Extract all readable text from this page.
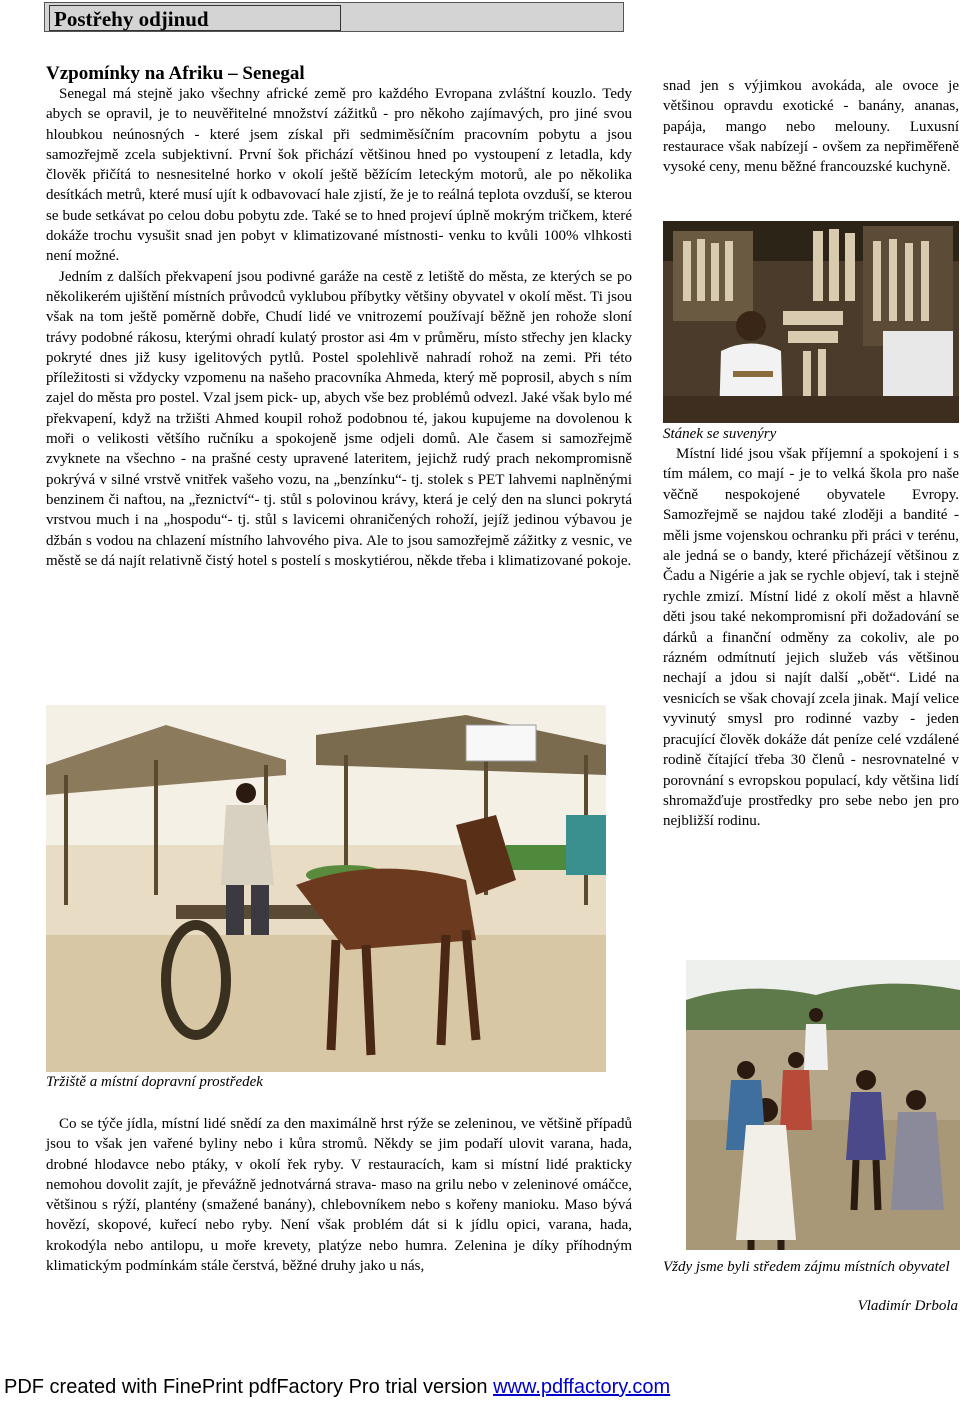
Postřehy odjinud
Vzpomínky na Afriku – Senegal

Senegal má stejně jako všechny africké země pro každého Evropana zvláštní kouzlo. Tedy abych se opravil, je to neuvěřitelné množství zážitků - pro někoho zajímavých, pro jiné svou hloubkou neúnosných - které jsem získal při sedmiměsíčním pracovním pobytu a jsou samozřejmě zcela subjektivní. První šok přichází většinou hned po vystoupení z letadla, kdy člověk přičítá to nesnesitelné horko v okolí ještě běžícím leteckým motorů, ale po několika desítkách metrů, které musí ujít k odbavovací hale zjistí, že je to reálná teplota ovzduší, se kterou se bude setkávat po celou dobu pobytu zde. Také se to hned projeví úplně mokrým tričkem, které dokáže trochu vysušit snad jen pobyt v klimatizované místnosti- venku to kvůli 100% vlhkosti není možné.

Jedním z dalších překvapení jsou podivné garáže na cestě z letiště do města, ze kterých se po několikerém ujištění místních průvodců vyklubou příbytky většiny obyvatel v okolí měst. Ti jsou však na tom ještě poměrně dobře, Chudí lidé ve vnitrozemí používají běžně jen rohože sloní trávy podobné rákosu, kterými ohradí kulatý prostor asi 4m v průměru, místo střechy jen klacky pokryté dnes již kusy igelitových pytlů. Postel spolehlivě nahradí rohož na zemi. Při této příležitosti si vždycky vzpomenu na našeho pracovníka Ahmeda, který mě poprosil, abych s ním zajel do města pro postel. Vzal jsem pick- up, abych vše bez problémů odvezl. Jaké však bylo mé překvapení, když na tržišti Ahmed koupil rohož podobnou té, jakou kupujeme na dovolenou k moři o velikosti většího ručníku a spokojeně jsme odjeli domů. Ale časem si samozřejmě zvyknete na všechno - na prašné cesty upravené lateritem, jejichž rudý prach nekompromisně pokrývá v silné vrstvě vnitřek vašeho vozu, na „benzínku“- tj. stolek s PET lahvemi naplněnými benzinem či naftou, na „řeznictví“- tj. stůl s polovinou krávy, která je celý den na slunci pokrytá vrstvou much i na „hospodu“- tj. stůl s lavicemi ohraničených rohoží, jejíž jedinou výbavou je džbán s vodou na chlazení místního lahvového piva. Ale to jsou samozřejmě zážitky z vesnic, ve městě se dá najít relativně čistý hotel s postelí s moskytiérou, někde třeba i klimatizované pokoje.

snad jen s výjimkou avokáda, ale ovoce je většinou opravdu exotické - banány, ananas, papája, mango nebo melouny. Luxusní restaurace však nabízejí - ovšem za nepřiměřeně vysoké ceny, menu běžné francouzské kuchyně.

Stánek se suvenýry

Místní lidé jsou však příjemní a spokojení i s tím málem, co mají - je to velká škola pro naše věčně nespokojené obyvatele Evropy. Samozřejmě se najdou také zloději a bandité - měli jsme vojenskou ochranku při práci v terénu, ale jedná se o bandy, které přicházejí většinou z Čadu a Nigérie a jak se rychle objeví, tak i stejně rychle zmizí. Místní lidé z okolí měst a hlavně děti jsou také nekompromisní při dožadování se dárků a finanční odměny za cokoliv, ale po rázném odmítnutí jejich služeb vás většinou nechají a jdou si najít další „obět“. Lidé na vesnicích se však chovají zcela jinak. Mají velice vyvinutý smysl pro rodinné vazby - jeden pracující člověk dokáže dát peníze celé vzdálené rodině čítající třeba 30 členů - nesrovnatelné v porovnání s evropskou populací, kdy většina lidí shromažďuje prostředky pro sebe nebo jen pro nejbližší rodinu.

Tržiště a místní dopravní prostředek

Co se týče jídla, místní lidé snědí za den maximálně hrst rýže se zeleninou, ve většině případů jsou to však jen vařené byliny nebo i kůra stromů. Někdy se jim podaří ulovit varana, hada, drobné hlodavce nebo ptáky, v okolí řek ryby. V restauracích, kam si místní lidé prakticky nemohou dovolit zajít, je převážně jednotvárná strava- maso na grilu nebo v zeleninové omáčce, většinou s rýží, plantény (smažené banány), chlebovníkem nebo s kořeny manioku. Maso bývá hovězí, skopové, kuřecí nebo ryby. Není však problém dát si k jídlu opici, varana, hada, krokodýla nebo antilopu, u moře krevety, platýze nebo humra. Zelenina je díky příhodným klimatickým podmínkám stále čerstvá, běžné druhy jako u nás,	Vždy jsme byli středem zájmu místních obyvatel
Vladimír Drbola
PDF created with FinePrint pdfFactory Pro trial version www.pdffactory.com
